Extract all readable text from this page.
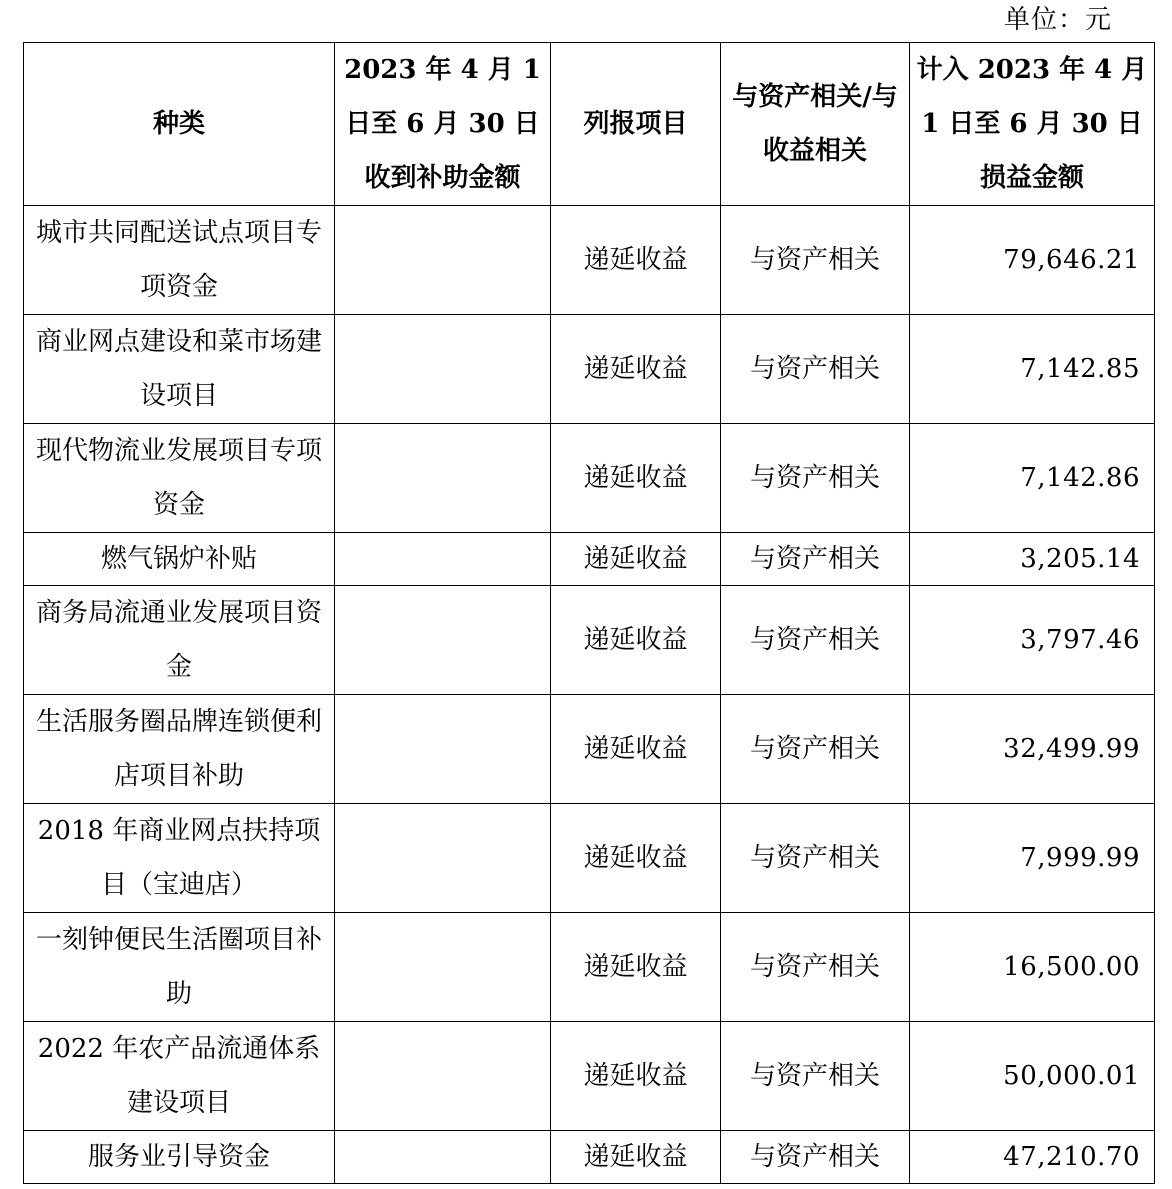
单位：元
种类	2023 年 4 月 1 日至 6 月 30 日收到补助金额	列报项目	与资产相关/与收益相关	计入 2023 年 4 月 1 日至 6 月 30 日损益金额
城市共同配送试点项目专项资金		递延收益	与资产相关	79,646.21
商业网点建设和菜市场建设项目		递延收益	与资产相关	7,142.85
现代物流业发展项目专项资金		递延收益	与资产相关	7,142.86
燃气锅炉补贴		递延收益	与资产相关	3,205.14
商务局流通业发展项目资金		递延收益	与资产相关	3,797.46
生活服务圈品牌连锁便利店项目补助		递延收益	与资产相关	32,499.99
2018 年商业网点扶持项目（宝迪店）		递延收益	与资产相关	7,999.99
一刻钟便民生活圈项目补助		递延收益	与资产相关	16,500.00
2022 年农产品流通体系建设项目		递延收益	与资产相关	50,000.01
服务业引导资金		递延收益	与资产相关	47,210.70
